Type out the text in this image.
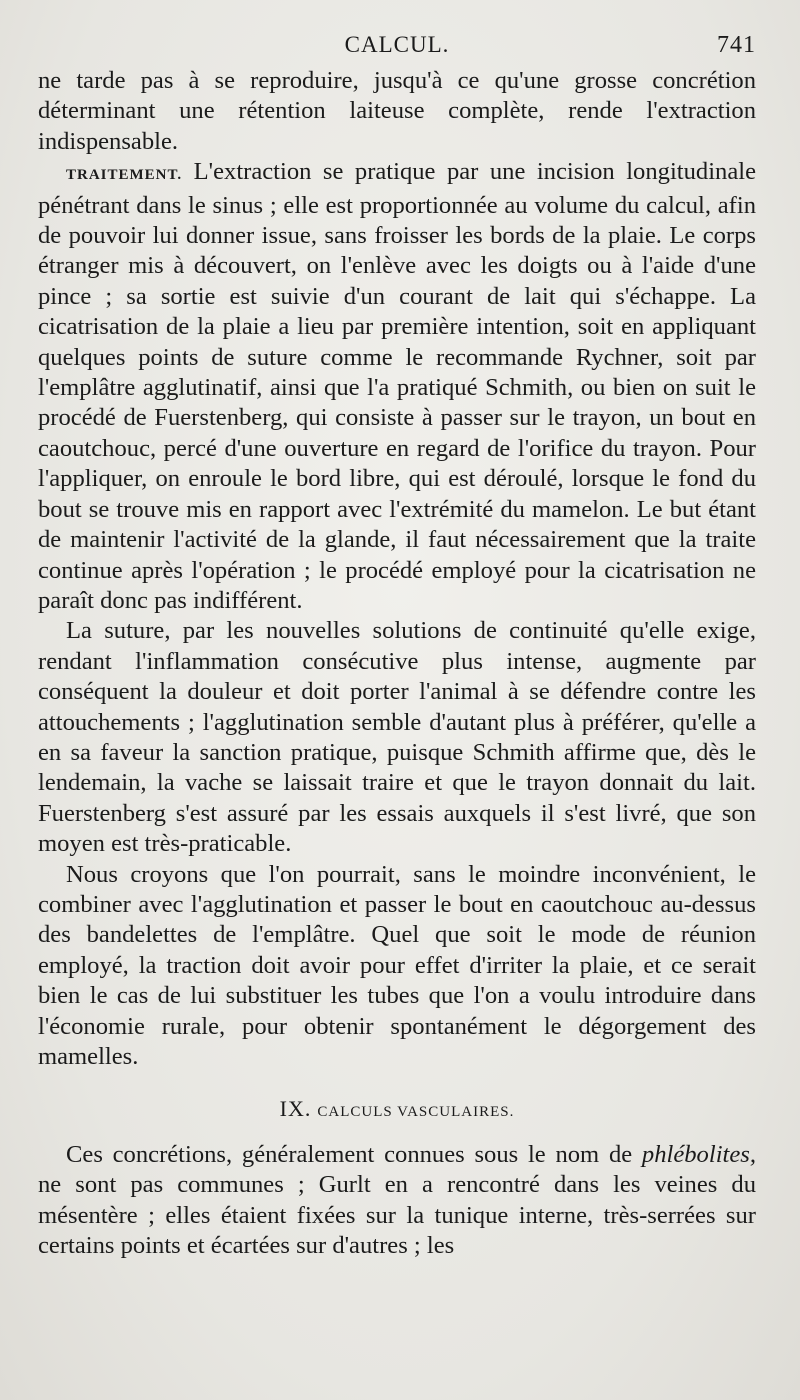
CALCUL.	741

ne tarde pas à se reproduire, jusqu'à ce qu'une grosse concrétion déterminant une rétention laiteuse complète, rende l'extraction indispensable.

TRAITEMENT. L'extraction se pratique par une incision longitudinale pénétrant dans le sinus ; elle est proportionnée au volume du calcul, afin de pouvoir lui donner issue, sans froisser les bords de la plaie. Le corps étranger mis à découvert, on l'enlève avec les doigts ou à l'aide d'une pince ; sa sortie est suivie d'un courant de lait qui s'échappe. La cicatrisation de la plaie a lieu par première intention, soit en appliquant quelques points de suture comme le recommande Rychner, soit par l'emplâtre agglutinatif, ainsi que l'a pratiqué Schmith, ou bien on suit le procédé de Fuerstenberg, qui consiste à passer sur le trayon, un bout en caoutchouc, percé d'une ouverture en regard de l'orifice du trayon. Pour l'appliquer, on enroule le bord libre, qui est déroulé, lorsque le fond du bout se trouve mis en rapport avec l'extrémité du mamelon. Le but étant de maintenir l'activité de la glande, il faut nécessairement que la traite continue après l'opération ; le procédé employé pour la cicatrisation ne paraît donc pas indifférent.

La suture, par les nouvelles solutions de continuité qu'elle exige, rendant l'inflammation consécutive plus intense, augmente par conséquent la douleur et doit porter l'animal à se défendre contre les attouchements ; l'agglutination semble d'autant plus à préférer, qu'elle a en sa faveur la sanction pratique, puisque Schmith affirme que, dès le lendemain, la vache se laissait traire et que le trayon donnait du lait. Fuerstenberg s'est assuré par les essais auxquels il s'est livré, que son moyen est très-praticable.

Nous croyons que l'on pourrait, sans le moindre inconvénient, le combiner avec l'agglutination et passer le bout en caoutchouc au-dessus des bandelettes de l'emplâtre. Quel que soit le mode de réunion employé, la traction doit avoir pour effet d'irriter la plaie, et ce serait bien le cas de lui substituer les tubes que l'on a voulu introduire dans l'économie rurale, pour obtenir spontanément le dégorgement des mamelles.

IX. CALCULS VASCULAIRES.

Ces concrétions, généralement connues sous le nom de phlébolites, ne sont pas communes ; Gurlt en a rencontré dans les veines du mésentère ; elles étaient fixées sur la tunique interne, très-serrées sur certains points et écartées sur d'autres ; les
